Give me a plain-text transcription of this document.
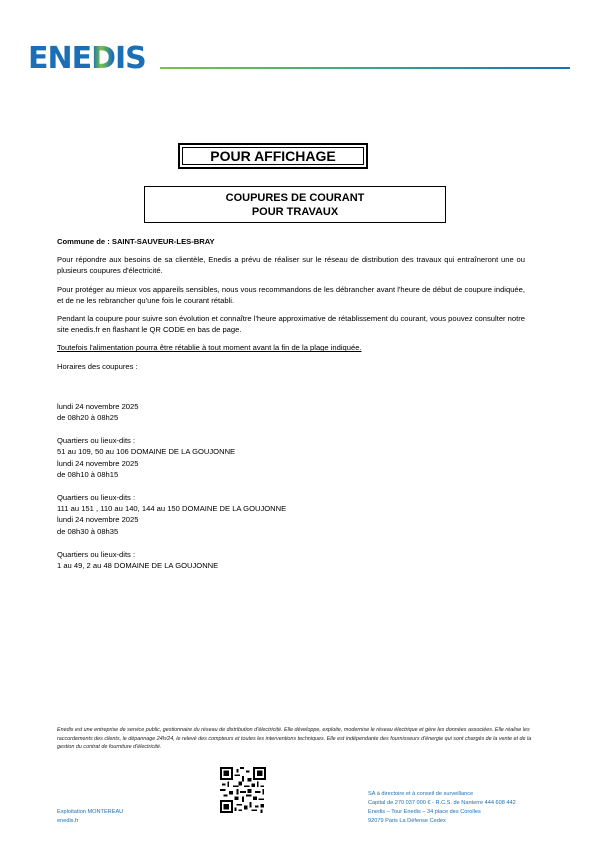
ENEDIS
POUR AFFICHAGE
COUPURES DE COURANT
POUR TRAVAUX

Commune de : SAINT-SAUVEUR-LES-BRAY

Pour répondre aux besoins de sa clientèle, Enedis a prévu de réaliser sur le réseau de distribution des travaux qui entraîneront une ou plusieurs coupures d'électricité.

Pour protéger au mieux vos appareils sensibles, nous vous recommandons de les débrancher avant l'heure de début de coupure indiquée, et de ne les rebrancher qu'une fois le courant rétabli.

Pendant la coupure pour suivre son évolution et connaître l'heure approximative de rétablissement du courant, vous pouvez consulter notre site enedis.fr en flashant le QR CODE en bas de page.

Toutefois l'alimentation pourra être rétablie à tout moment avant la fin de la plage indiquée.

Horaires des coupures :

lundi 24 novembre 2025

de 08h20 à 08h25

Quartiers ou lieux-dits :

51 au 109, 50 au 106 DOMAINE DE LA GOUJONNE

lundi 24 novembre 2025

de 08h10 à 08h15

Quartiers ou lieux-dits :

111 au 151 , 110 au 140, 144 au 150 DOMAINE DE LA GOUJONNE

lundi 24 novembre 2025

de 08h30 à 08h35

Quartiers ou lieux-dits :

1 au 49, 2 au 48 DOMAINE DE LA GOUJONNE

Enedis est une entreprise de service public, gestionnaire du réseau de distribution d'électricité. Elle développe, exploite, modernise le réseau électrique et gère les données associées. Elle réalise les raccordements des clients, le dépannage 24h/24, le relevé des compteurs et toutes les interventions techniques. Elle est indépendante des fournisseurs d'énergie qui sont chargés de la vente et de la gestion du contrat de fourniture d'électricité.
Exploitation MONTEREAU
enedis.fr
SA à directoire et à conseil de surveillance
Capital de 270 037 000 € - R.C.S. de Nanterre 444 608 442
Enedis – Tour Enedis – 34 place des Corolles
92079 Paris La Défense Cedex
